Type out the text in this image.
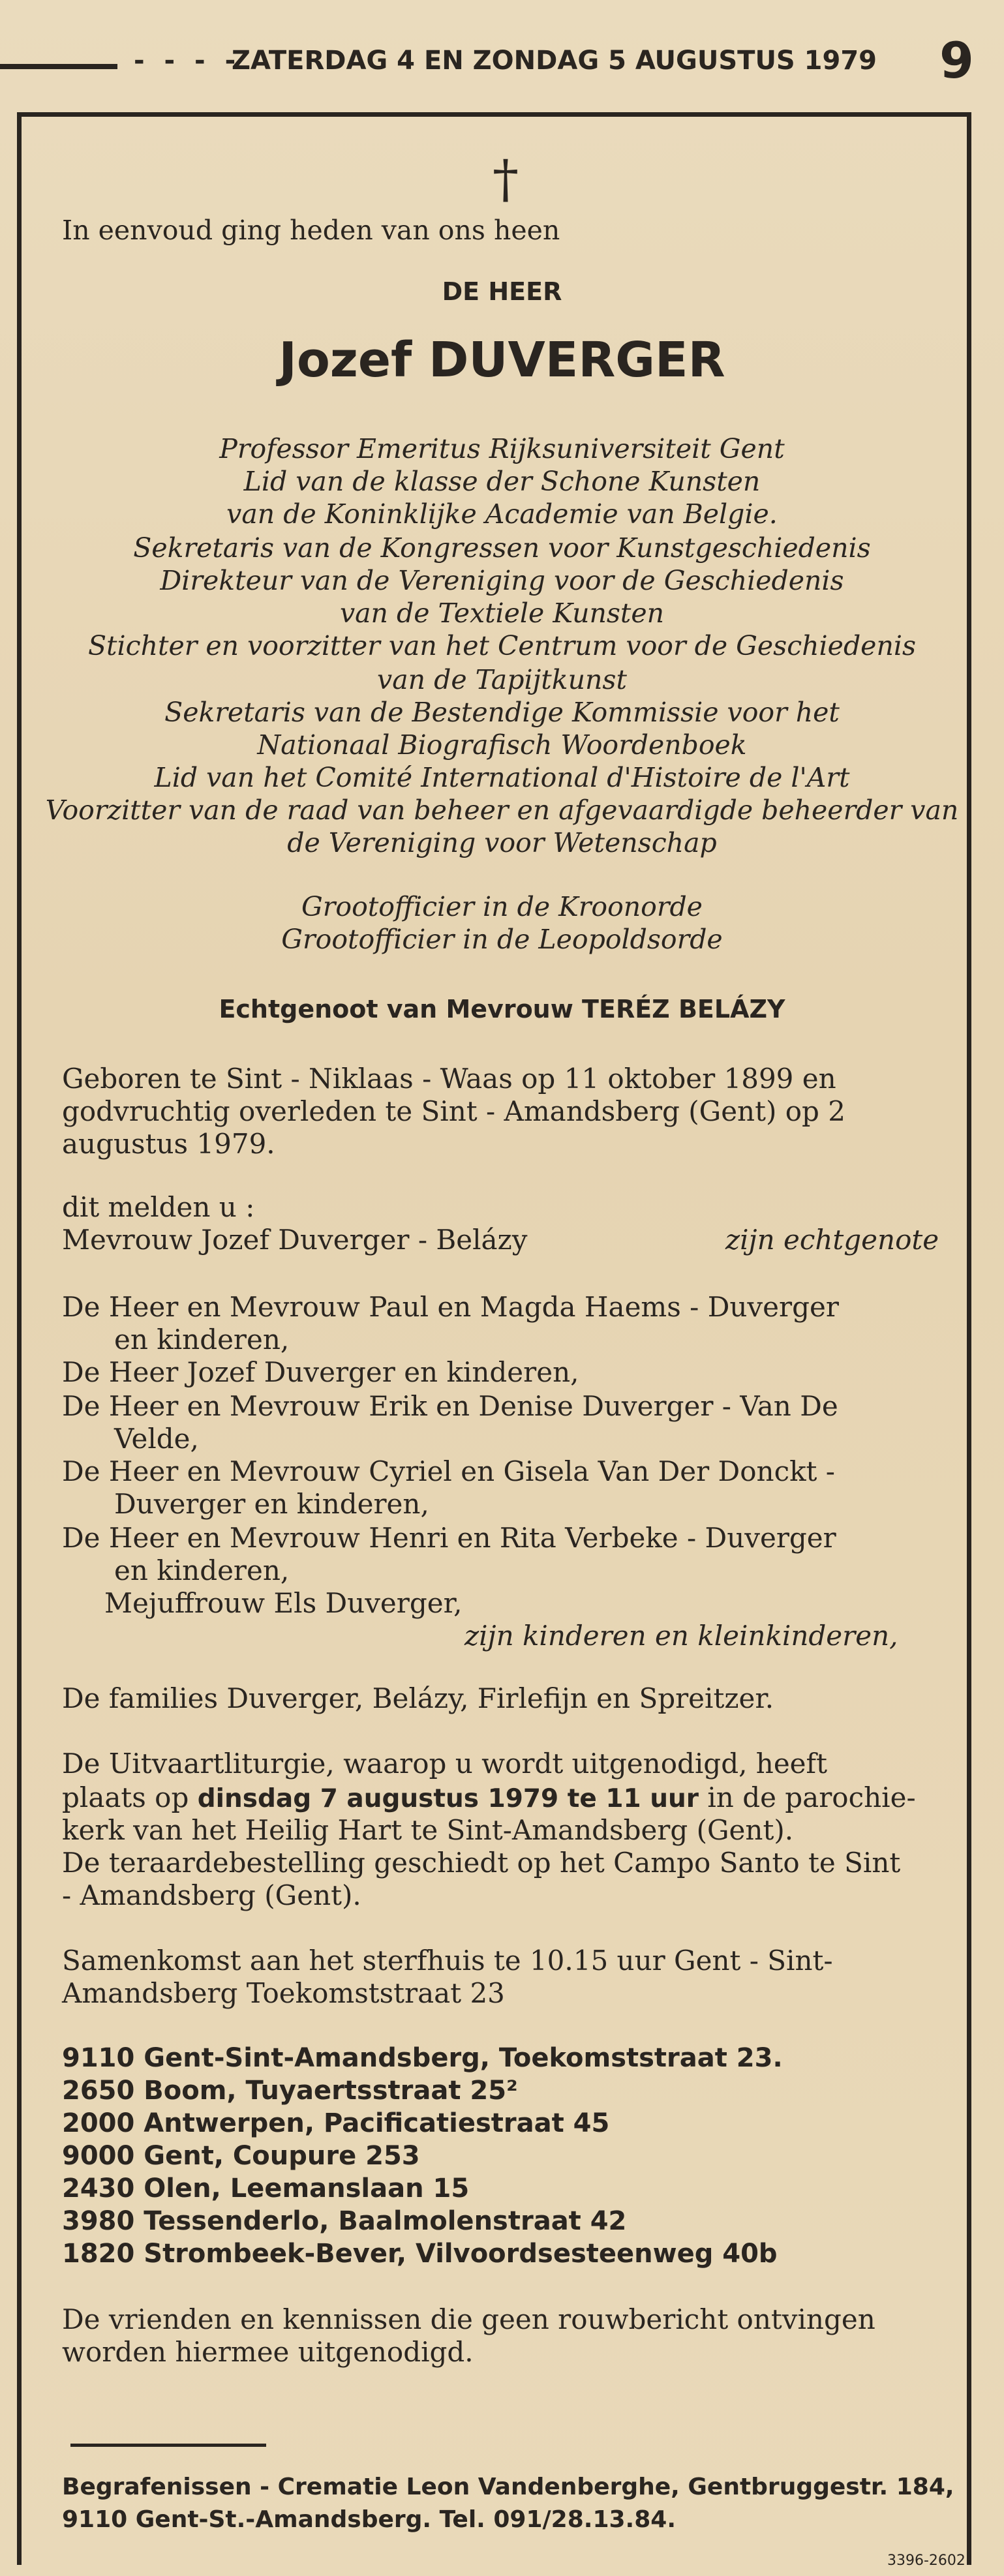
- - - -
ZATERDAG 4 EN ZONDAG 5 AUGUSTUS 1979 9
†
In eenvoud ging heden van ons heen
DE HEER
Jozef DUVERGER
Professor Emeritus Rijksuniversiteit Gent
Lid van de klasse der Schone Kunsten
van de Koninklijke Academie van Belgie.
Sekretaris van de Kongressen voor Kunstgeschiedenis
Direkteur van de Vereniging voor de Geschiedenis
van de Textiele Kunsten
Stichter en voorzitter van het Centrum voor de Geschiedenis
van de Tapijtkunst
Sekretaris van de Bestendige Kommissie voor het
Nationaal Biografisch Woordenboek
Lid van het Comité International d'Histoire de l'Art
Voorzitter van de raad van beheer en afgevaardigde beheerder van
de Vereniging voor Wetenschap
Grootofficier in de Kroonorde
Grootofficier in de Leopoldsorde
Echtgenoot van Mevrouw TERÉZ BELÁZY
Geboren te Sint - Niklaas - Waas op 11 oktober 1899 en
godvruchtig overleden te Sint - Amandsberg (Gent) op 2
augustus 1979.
dit melden u :
Mevrouw Jozef Duverger - Belázy	zijn echtgenote
De Heer en Mevrouw Paul en Magda Haems - Duverger
en kinderen,
De Heer Jozef Duverger en kinderen,
De Heer en Mevrouw Erik en Denise Duverger - Van De
Velde,
De Heer en Mevrouw Cyriel en Gisela Van Der Donckt -
Duverger en kinderen,
De Heer en Mevrouw Henri en Rita Verbeke - Duverger
en kinderen,
Mejuffrouw Els Duverger,
zijn kinderen en kleinkinderen,
De families Duverger, Belázy, Firlefijn en Spreitzer.
De Uitvaartliturgie, waarop u wordt uitgenodigd, heeft
plaats op dinsdag 7 augustus 1979 te 11 uur in de parochie-
kerk van het Heilig Hart te Sint-Amandsberg (Gent).
De teraardebestelling geschiedt op het Campo Santo te Sint
- Amandsberg (Gent).
Samenkomst aan het sterfhuis te 10.15 uur Gent - Sint-
Amandsberg Toekomststraat 23
9110 Gent-Sint-Amandsberg, Toekomststraat 23.
2650 Boom, Tuyaertsstraat 25²
2000 Antwerpen, Pacificatiestraat 45
9000 Gent, Coupure 253
2430 Olen, Leemanslaan 15
3980 Tessenderlo, Baalmolenstraat 42
1820 Strombeek-Bever, Vilvoordsesteenweg 40b
De vrienden en kennissen die geen rouwbericht ontvingen
worden hiermee uitgenodigd.
Begrafenissen - Crematie Leon Vandenberghe, Gentbruggestr. 184,
9110 Gent-St.-Amandsberg. Tel. 091/28.13.84.
3396-2602
